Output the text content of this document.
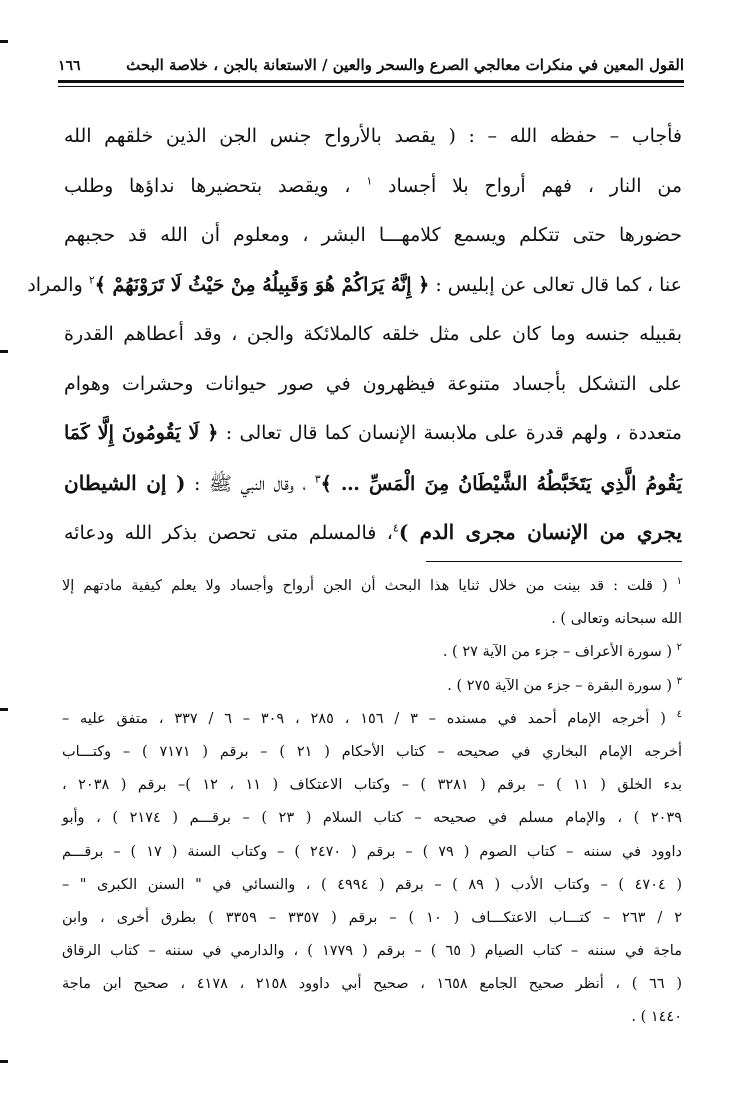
القول المعين في منكرات معالجي الصرع والسحر والعين / الاستعانة بالجن ، خلاصة البحث
١٦٦
فأجاب – حفظه الله – : ( يقصد بالأرواح جنس الجن الذين خلقهم الله
من النار ، فهم أرواح بلا أجساد $^١$ ، ويقصد بتحضيرها نداؤها وطلب
حضورها حتى تتكلم ويسمع كلامهـــا البشر ، ومعلوم أن الله قد حجبهم
عنا ، كما قال تعالى عن إبليس : ﴿ إِنَّهُ يَرَاكُمْ هُوَ وَقَبِيلُهُ مِنْ حَيْثُ لَا تَرَوْنَهُمْ ﴾$^٢$ والمراد
بقبيله جنسه وما كان على مثل خلقه كالملائكة والجن ، وقد أعطاهم القدرة
على التشكل بأجساد متنوعة فيظهرون في صور حيوانات وحشرات وهوام
متعددة ، ولهم قدرة على ملابسة الإنسان كما قال تعالى : ﴿ لَا يَقُومُونَ إِلَّا كَمَا
يَقُومُ الَّذِي يَتَخَبَّطُهُ الشَّيْطَانُ مِنَ الْمَسِّ … ﴾$^٣$ ، وقال النبي ﷺ : ( إن الشيطان
يجري من الإنسان مجرى الدم )$^٤$، فالمسلم متى تحصن بذكر الله ودعائه
$^١$ ( قلت : قد بينت من خلال ثنايا هذا البحث أن الجن أرواح وأجساد ولا يعلم كيفية مادتهم إلا
الله سبحانه وتعالى ) .
$^٢$ ( سورة الأعراف – جزء من الآية ٢٧ ) .
$^٣$ ( سورة البقرة – جزء من الآية ٢٧٥ ) .
$^٤$ ( أخرجه الإمام أحمد في مسنده – ٣ / ١٥٦ ، ٢٨٥ ، ٣٠٩ – ٦ / ٣٣٧ ، متفق عليه –
أخرجه الإمام البخاري في صحيحه – كتاب الأحكام ( ٢١ ) – برقم ( ٧١٧١ ) – وكتـــاب
بدء الخلق ( ١١ ) – برقم ( ٣٢٨١ ) – وكتاب الاعتكاف ( ١١ ، ١٢ )– برقم ( ٢٠٣٨ ،
٢٠٣٩ ) ، والإمام مسلم في صحيحه – كتاب السلام ( ٢٣ ) – برقـــم ( ٢١٧٤ ) ، وأبو
داوود في سننه – كتاب الصوم ( ٧٩ ) – برقم ( ٢٤٧٠ ) – وكتاب السنة ( ١٧ ) – برقـــم
( ٤٧٠٤ ) – وكتاب الأدب ( ٨٩ ) – برقم ( ٤٩٩٤ ) ، والنسائي في " السنن الكبرى " –
٢ / ٢٦٣ – كتـــاب الاعتكـــاف ( ١٠ ) – برقم ( ٣٣٥٧ – ٣٣٥٩ ) بطرق أخرى ، وابن
ماجة في سننه – كتاب الصيام ( ٦٥ ) – برقم ( ١٧٧٩ ) ، والدارمي في سننه – كتاب الرقاق
( ٦٦ ) ، أنظر صحيح الجامع ١٦٥٨ ، صحيح أبي داوود ٢١٥٨ ، ٤١٧٨ ، صحيح ابن ماجة
١٤٤٠ ) .
